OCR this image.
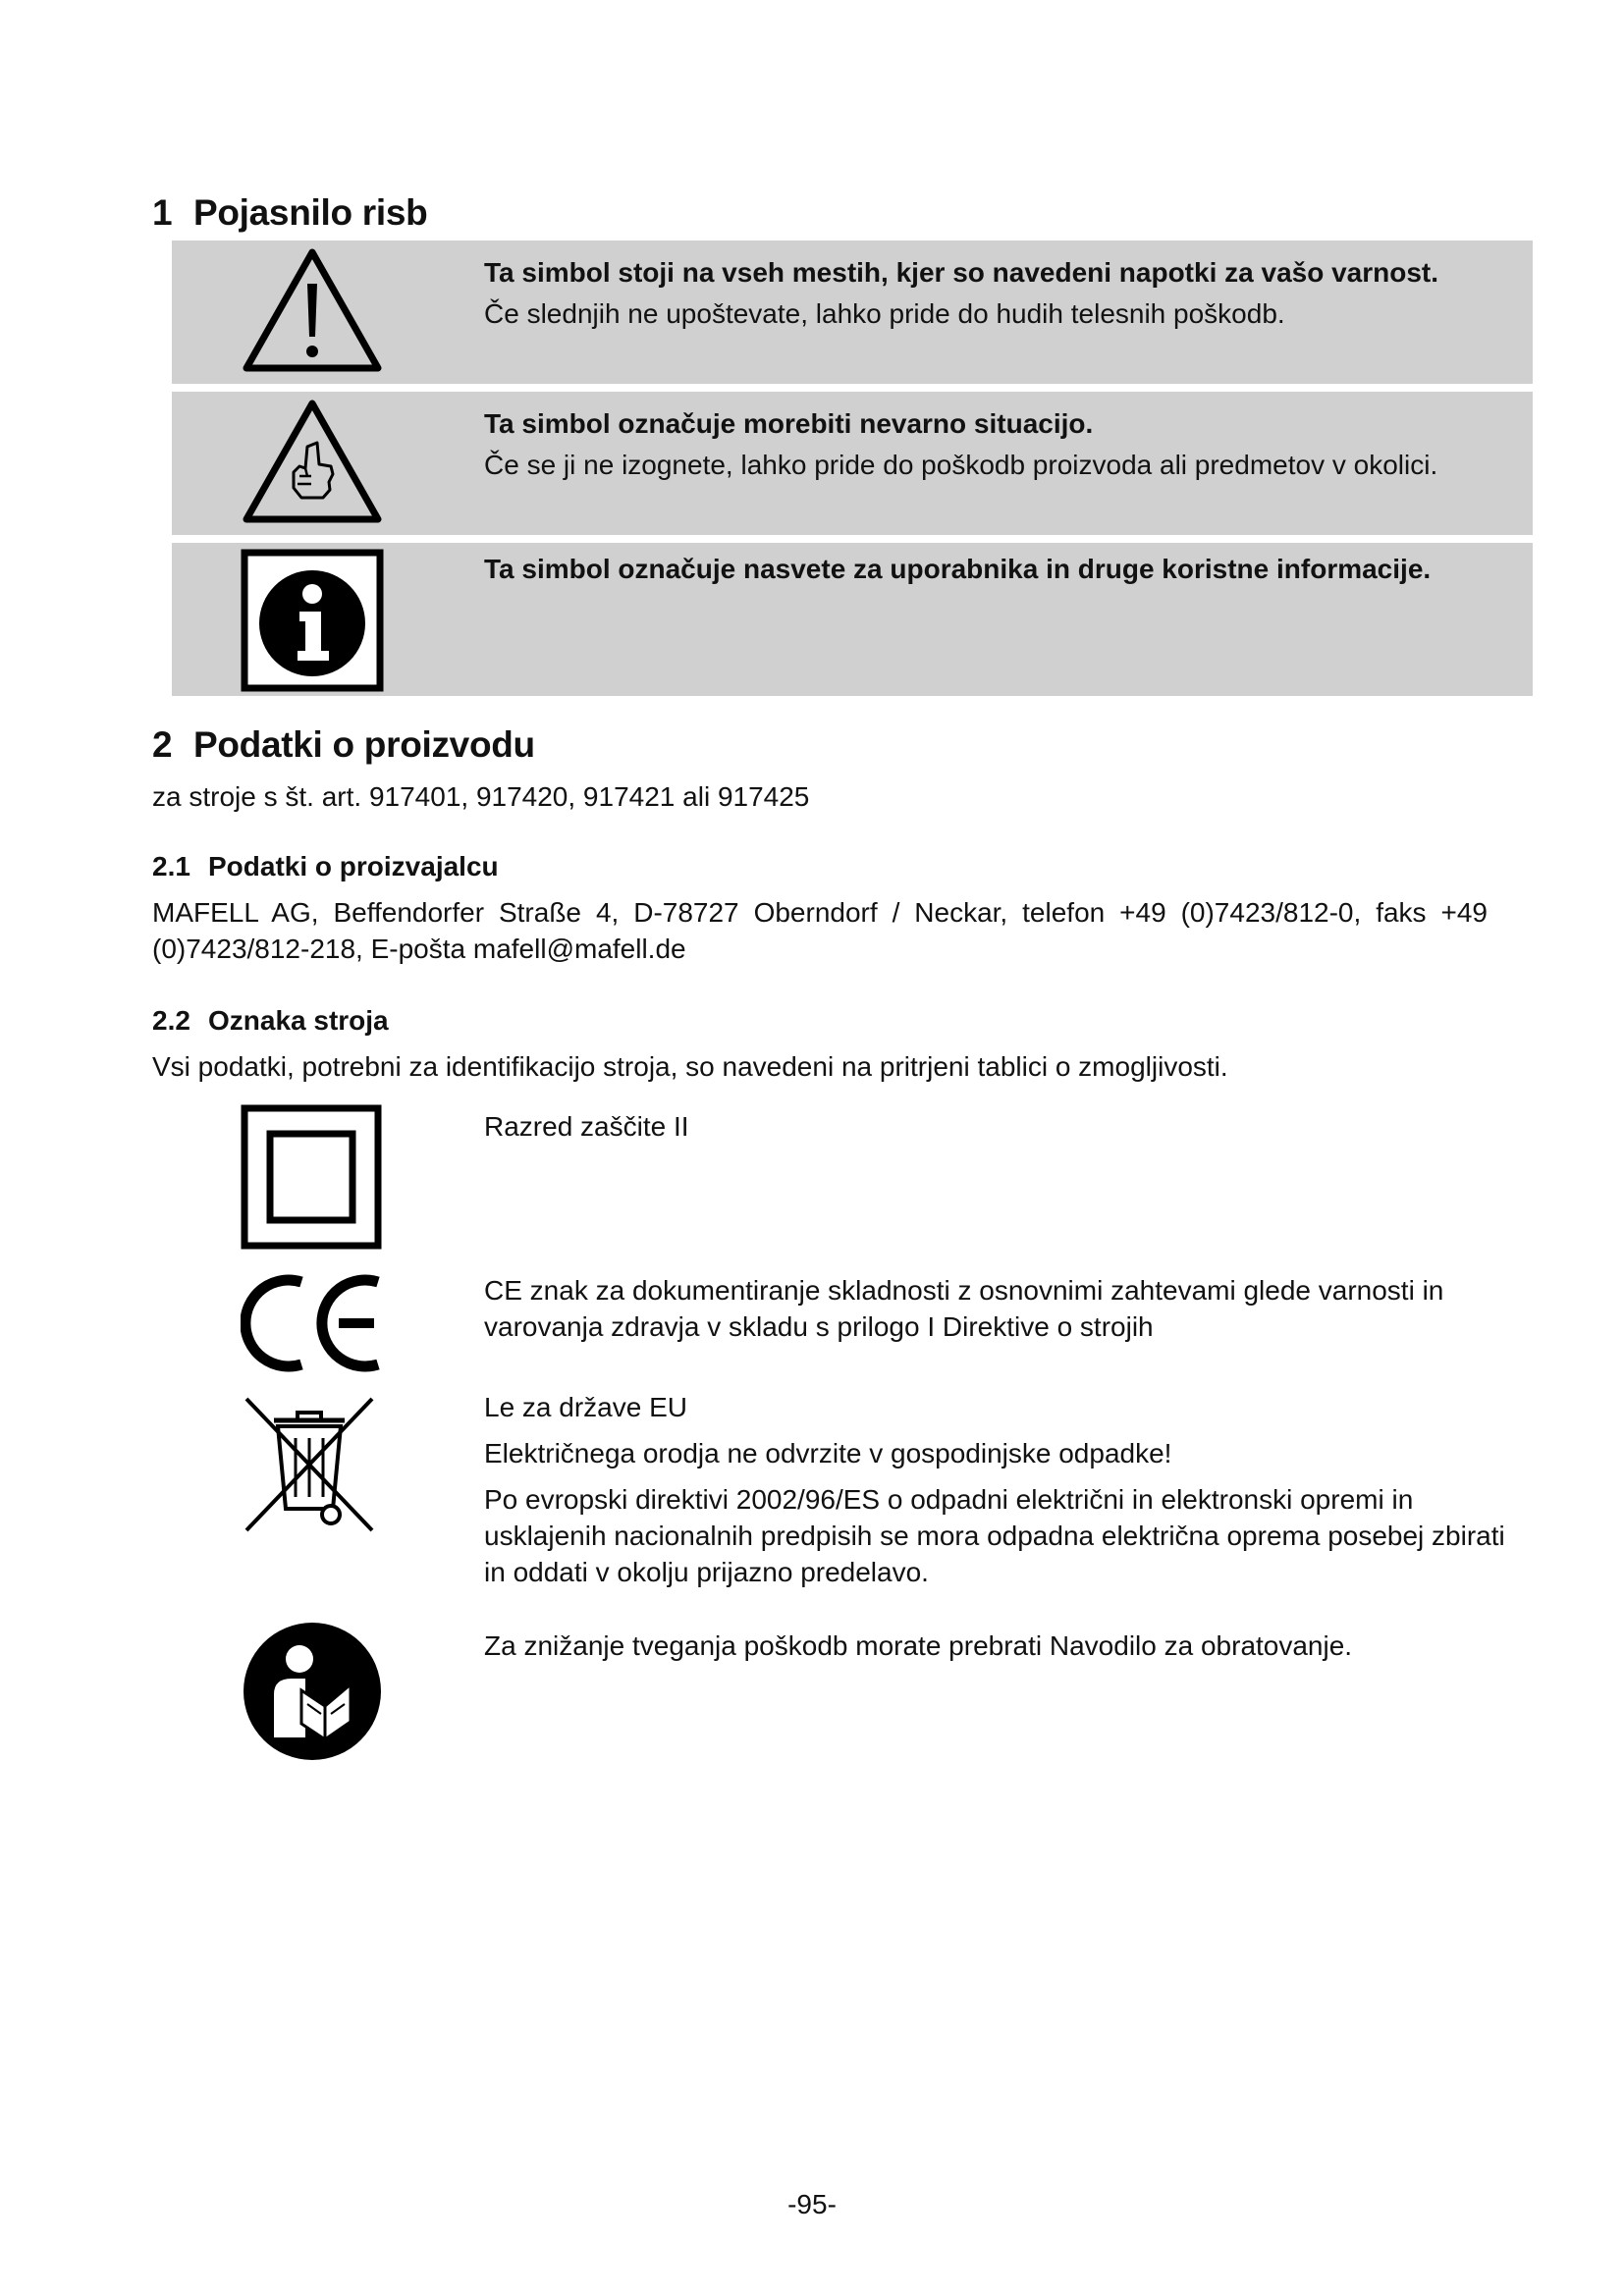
1 Pojasnilo risb
Ta simbol stoji na vseh mestih, kjer so navedeni napotki za vašo varnost.
Če slednjih ne upoštevate, lahko pride do hudih telesnih poškodb.
Ta simbol označuje morebiti nevarno situacijo.
Če se ji ne izognete, lahko pride do poškodb proizvoda ali predmetov v okolici.
Ta simbol označuje nasvete za uporabnika in druge koristne informacije.
2 Podatki o proizvodu
za stroje s št. art. 917401, 917420, 917421 ali 917425
2.1 Podatki o proizvajalcu
MAFELL AG, Beffendorfer Straße 4, D-78727 Oberndorf / Neckar, telefon +49 (0)7423/812-0, faks +49 (0)7423/812-218, E-pošta mafell@mafell.de
2.2 Oznaka stroja
Vsi podatki, potrebni za identifikacijo stroja, so navedeni na pritrjeni tablici o zmogljivosti.

Razred zaščite II

CE znak za dokumentiranje skladnosti z osnovnimi zahtevami glede varnosti in varovanja zdravja v skladu s prilogo I Direktive o strojih

Le za države EU

Električnega orodja ne odvrzite v gospodinjske odpadke!

Po evropski direktivi 2002/96/ES o odpadni električni in elektronski opremi in usklajenih nacionalnih predpisih se mora odpadna električna oprema posebej zbirati in oddati v okolju prijazno predelavo.

Za znižanje tveganja poškodb morate prebrati Navodilo za obratovanje.

-95-
